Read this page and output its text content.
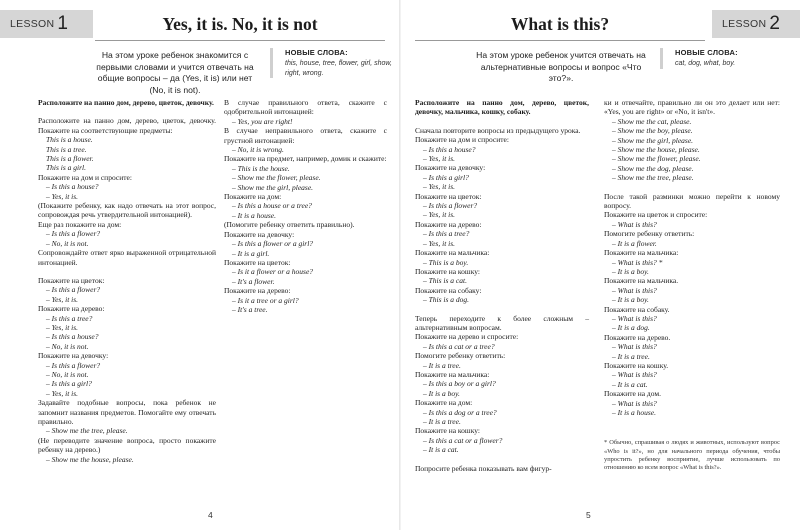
LESSON 1	Yes, it is. No, it is not
На этом уроке ребенок знакомится с первыми словами и учится отвечать на общие вопросы – да (Yes, it is) или нет (No, it is not).
НОВЫЕ СЛОВА:
this, house, tree, flower, girl, show, right, wrong.

Расположите на панно дом, дерево, цветок, девочку.

Расположите на панно дом, дерево, цветок, девочку. Покажите на соответствующие предметы:

This is a house.

This is a tree.

This is a flower.

This is a girl.

Покажите на дом и спросите:

– Is this a house?

– Yes, it is.

(Покажите ребенку, как надо отвечать на этот вопрос, сопровождая речь утвердительной интонацией).

Еще раз покажите на дом:

– Is this a flower?

– No, it is not.

Сопровождайте ответ ярко выраженной отрицательной интонацией.

Покажите на цветок:

– Is this a flower?

– Yes, it is.

Покажите на дерево:

– Is this a tree?

– Yes, it is.

– Is this a house?

– No, it is not.

Покажите на девочку:

– Is this a flower?

– No, it is not.

– Is this a girl?

– Yes, it is.

Задавайте подобные вопросы, пока ребенок не запомнит названия предметов. Помогайте ему отвечать правильно.

– Show me the tree, please.

(Не переводите значение вопроса, просто покажите ребенку на дерево.)

– Show me the house, please.

В случае правильного ответа, скажите с одобрительной интонацией:

– Yes, you are right!

В случае неправильного ответа, скажите с грустной интонацией:

– No, it is wrong.

Покажите на предмет, например, домик и скажите:

– This is the house.

– Show me the flower, please.

– Show me the girl, please.

Покажите на дом:

– Is this a house or a tree?

– It is a house.

(Помогите ребенку ответить правильно).

Покажите на девочку:

– Is this a flower or a girl?

– It is a girl.

Покажите на цветок:

– Is it a flower or a house?

– It's a flower.

Покажите на дерево:

– Is it a tree or a girl?

– It's a tree.

4
LESSON 2
What is this?
На этом уроке ребенок учится отвечать на альтернативные вопросы и вопрос «Что это?».
НОВЫЕ СЛОВА:
cat, dog, what, boy.

Расположите на панно дом, дерево, цветок, девочку, мальчика, кошку, собаку.

Сначала повторите вопросы из предыдущего урока.

Покажите на дом и спросите:

– Is this a house?

– Yes, it is.

Покажите на девочку:

– Is this a girl?

– Yes, it is.

Покажите на цветок:

– Is this a flower?

– Yes, it is.

Покажите на дерево:

– Is this a tree?

– Yes, it is.

Покажите на мальчика:

– This is a boy.

Покажите на кошку:

– This is a cat.

Покажите на собаку:

– This is a dog.

Теперь переходите к более сложным – альтернативным вопросам.

Покажите на дерево и спросите:

– Is this a cat or a tree?

Помогите ребенку ответить:

– It is a tree.

Покажите на мальчика:

– Is this a boy or a girl?

– It is a boy.

Покажите на дом:

– Is this a dog or a tree?

– It is a tree.

Покажите на кошку:

– Is this a cat or a flower?

– It is a cat.

Попросите ребенка показывать вам фигур-

ки и отвечайте, правильно ли он это делает или нет: «Yes, you are right» or «No, it isn't».

– Show me the cat, please.

– Show me the boy, please.

– Show me the girl, please.

– Show me the house, please.

– Show me the flower, please.

– Show me the dog, please.

– Show me the tree, please.

После такой разминки можно перейти к новому вопросу.

Покажите на цветок и спросите:

– What is this?

Помогите ребенку ответить:

– It is a flower.

Покажите на мальчика:

– What is this? *

– It is a boy.

Покажите на мальчика.

– What is this?

– It is a boy.

Покажите на собаку.

– What is this?

– It is a dog.

Покажите на дерево.

– What is this?

– It is a tree.

Покажите на кошку.

– What is this?

– It is a cat.

Покажите на дом.

– What is this?

– It is a house.

* Обычно, спрашивая о людях и животных, используют вопрос «Who is it?», но для начального периода обучения, чтобы упростить ребенку восприятие, лучше использовать по отношению ко всем вопрос «What is this?».

5
